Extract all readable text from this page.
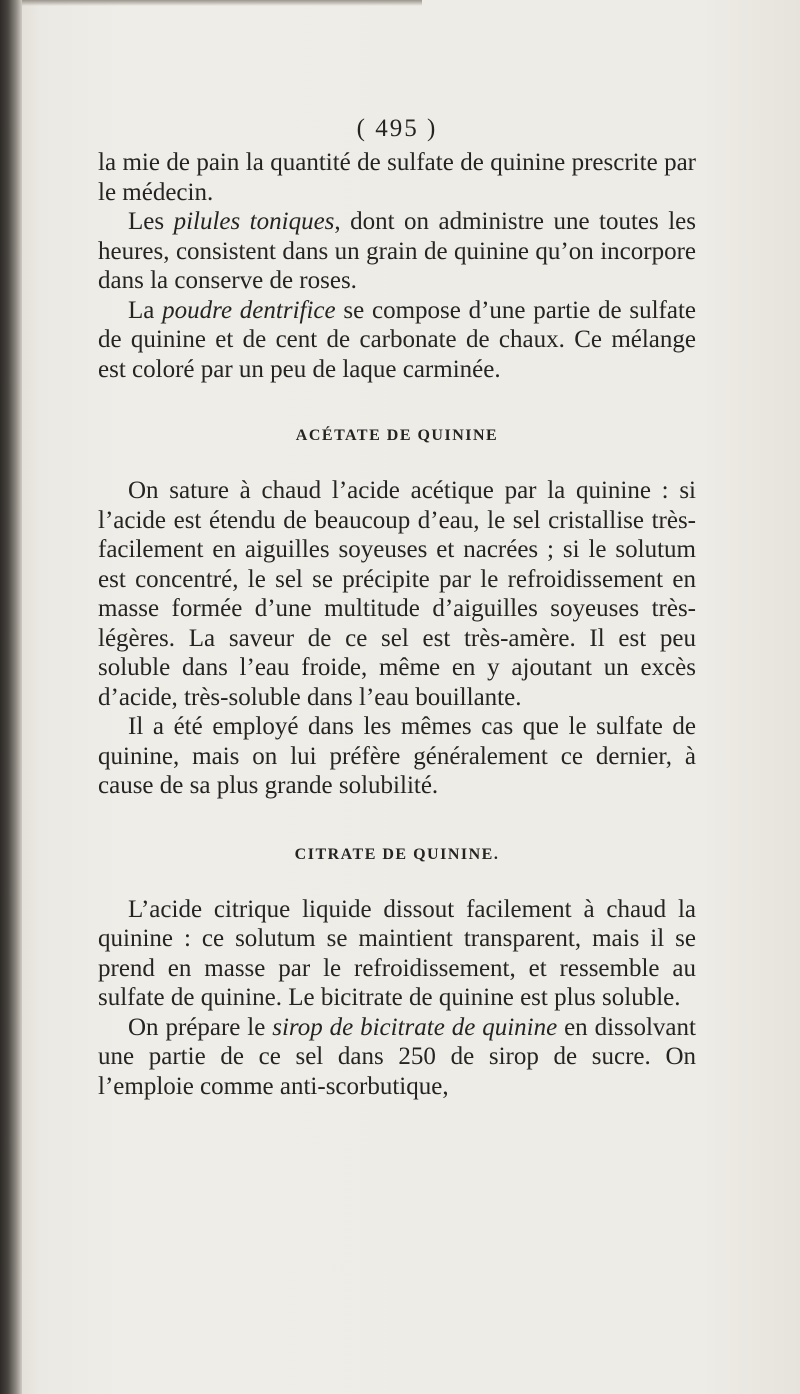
( 495 )

la mie de pain la quantité de sulfate de quinine prescrite par le médecin.

Les pilules toniques, dont on administre une toutes les heures, consistent dans un grain de quinine qu’on incorpore dans la conserve de roses.

La poudre dentrifice se compose d’une partie de sulfate de quinine et de cent de carbonate de chaux. Ce mélange est coloré par un peu de laque carminée.

ACÉTATE DE QUININE

On sature à chaud l’acide acétique par la quinine : si l’acide est étendu de beaucoup d’eau, le sel cristallise très-facilement en aiguilles soyeuses et nacrées ; si le solutum est concentré, le sel se précipite par le refroidissement en masse formée d’une multitude d’aiguilles soyeuses très-légères. La saveur de ce sel est très-amère. Il est peu soluble dans l’eau froide, même en y ajoutant un excès d’acide, très-soluble dans l’eau bouillante.

Il a été employé dans les mêmes cas que le sulfate de quinine, mais on lui préfère généralement ce dernier, à cause de sa plus grande solubilité.

CITRATE DE QUININE.

L’acide citrique liquide dissout facilement à chaud la quinine : ce solutum se maintient transparent, mais il se prend en masse par le refroidissement, et ressemble au sulfate de quinine. Le bicitrate de quinine est plus soluble.

On prépare le sirop de bicitrate de quinine en dissolvant une partie de ce sel dans 250 de sirop de sucre. On l’emploie comme anti-scorbutique,
